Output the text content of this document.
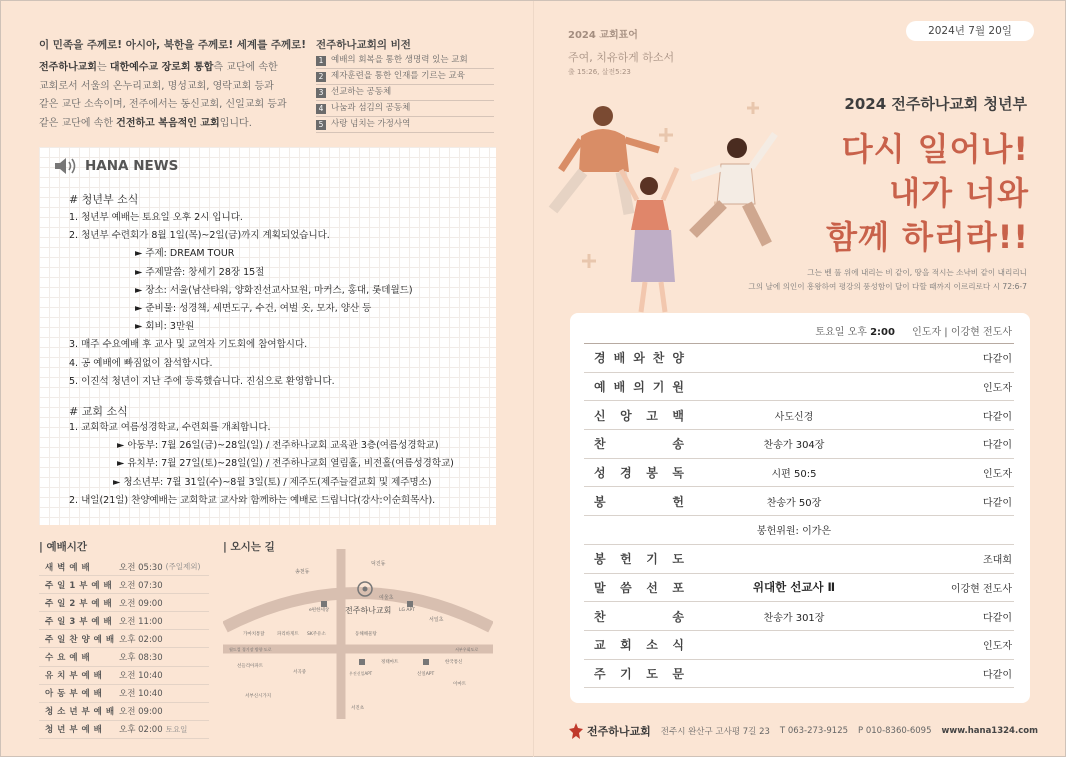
이 민족을 주께로! 아시아, 북한을 주께로! 세계를 주께로!
전주하나교회는 대한예수교 장로회 통합측 교단에 속한
교회로서 서울의 온누리교회, 명성교회, 영락교회 등과
같은 교단 소속이며, 전주에서는 동신교회, 신일교회 등과
같은 교단에 속한 건전하고 복음적인 교회입니다.
전주하나교회의 비전
1 예배의 회복을 통한 생명력 있는 교회
2 제자훈련을 통한 인재를 기르는 교육
3 선교하는 공동체
4 나눔과 섬김의 공동체
5 사랑 넘치는 가정사역
HANA NEWS
# 청년부 소식
1. 청년부 예배는 토요일 오후 2시 입니다.
2. 청년부 수련회가 8월 1일(목)~2일(금)까지 계획되었습니다.
► 주제: DREAM TOUR
► 주제말씀: 창세기 28장 15절
► 장소: 서울(남산타워, 양화진선교사묘원, 마커스, 홍대, 롯데월드)
► 준비물: 성경책, 세면도구, 수건, 여벌 옷, 모자, 양산 등
► 회비: 3만원
3. 매주 수요예배 후 교사 및 교역자 기도회에 참여합시다.
4. 공 예배에 빠짐없이 참석합시다.
5. 이진석 청년이 지난 주에 등록했습니다. 진심으로 환영합니다.
# 교회 소식
1. 교회학교 여름성경학교, 수련회를 개최합니다.
► 아동부: 7월 26일(금)~28일(일) / 전주하나교회 교육관 3층(여름성경학교)
► 유치부: 7월 27일(토)~28일(일) / 전주하나교회 열림홀, 비전홀(여름성경학교)
► 청소년부: 7월 31일(수)~8월 3일(토) / 제주도(제주늘곁교회 및 제주명소)
2. 내일(21일) 찬양예배는 교회학교 교사와 함께하는 예배로 드립니다(강사:이순희목사).
| 예배시간
새 벽 예 배	오전 05:30 (주일제외)
주 일 1 부 예 배 오전 07:30
주 일 2 부 예 배 오전 09:00
주 일 3 부 예 배 오전 11:00
주 일 찬 양 예 배 오후 02:00
수 요 예 배	오후 08:30
유 치 부 예 배	오전 10:40
아 동 부 예 배	오전 10:40
청 소 년 부 예 배 오전 09:00
청 년 부 예 배	오후 02:00 토요일
| 오시는 길
전주하나교회
송천동
덕진동
e편한세상
여울초
LG APT
서일초
가마치통닭	파리바게트 SK주유소	동해해물탕
월드컵 경기장 방향 도로	서부우회도로
선들리아파트
서곡중	우진신일APT
정태마트
신일APT
한국통신
이마트
서부신시가지
서진초
2024년 7월 20일
2024 교회표어
주여, 치유하게 하소서
출 15:26, 살전5:23
2024 전주하나교회 청년부
다시 일어나!
내가 너와
함께 하리라!!
그는 벤 풀 위에 내리는 비 같이, 땅을 적시는 소낙비 같이 내리리니
그의 날에 의인이 흥왕하여 평강의 풍성함이 달이 다할 때까지 이르리로다 시 72:6-7
토요일 오후 2:00 인도자 | 이강현 전도사
경 배 와 찬 양	다같이
예 배 의 기 원	인도자
신 앙 고 백	사도신경	다같이
찬	송	찬송가 304장	다같이
성 경 봉 독	시편 50:5	인도자
봉	헌	찬송가 50장	다같이
봉헌위원: 이가은
봉 헌 기 도	조대희
말 씀 선 포	위대한 선교사 Ⅱ	이강현 전도사
찬	송	찬송가 301장	다같이
교 회 소 식	인도자
주 기 도 문	다같이
전주하나교회 전주시 완산구 고사평 7길 23 T 063-273-9125 P 010-8360-6095 www.hana1324.com
